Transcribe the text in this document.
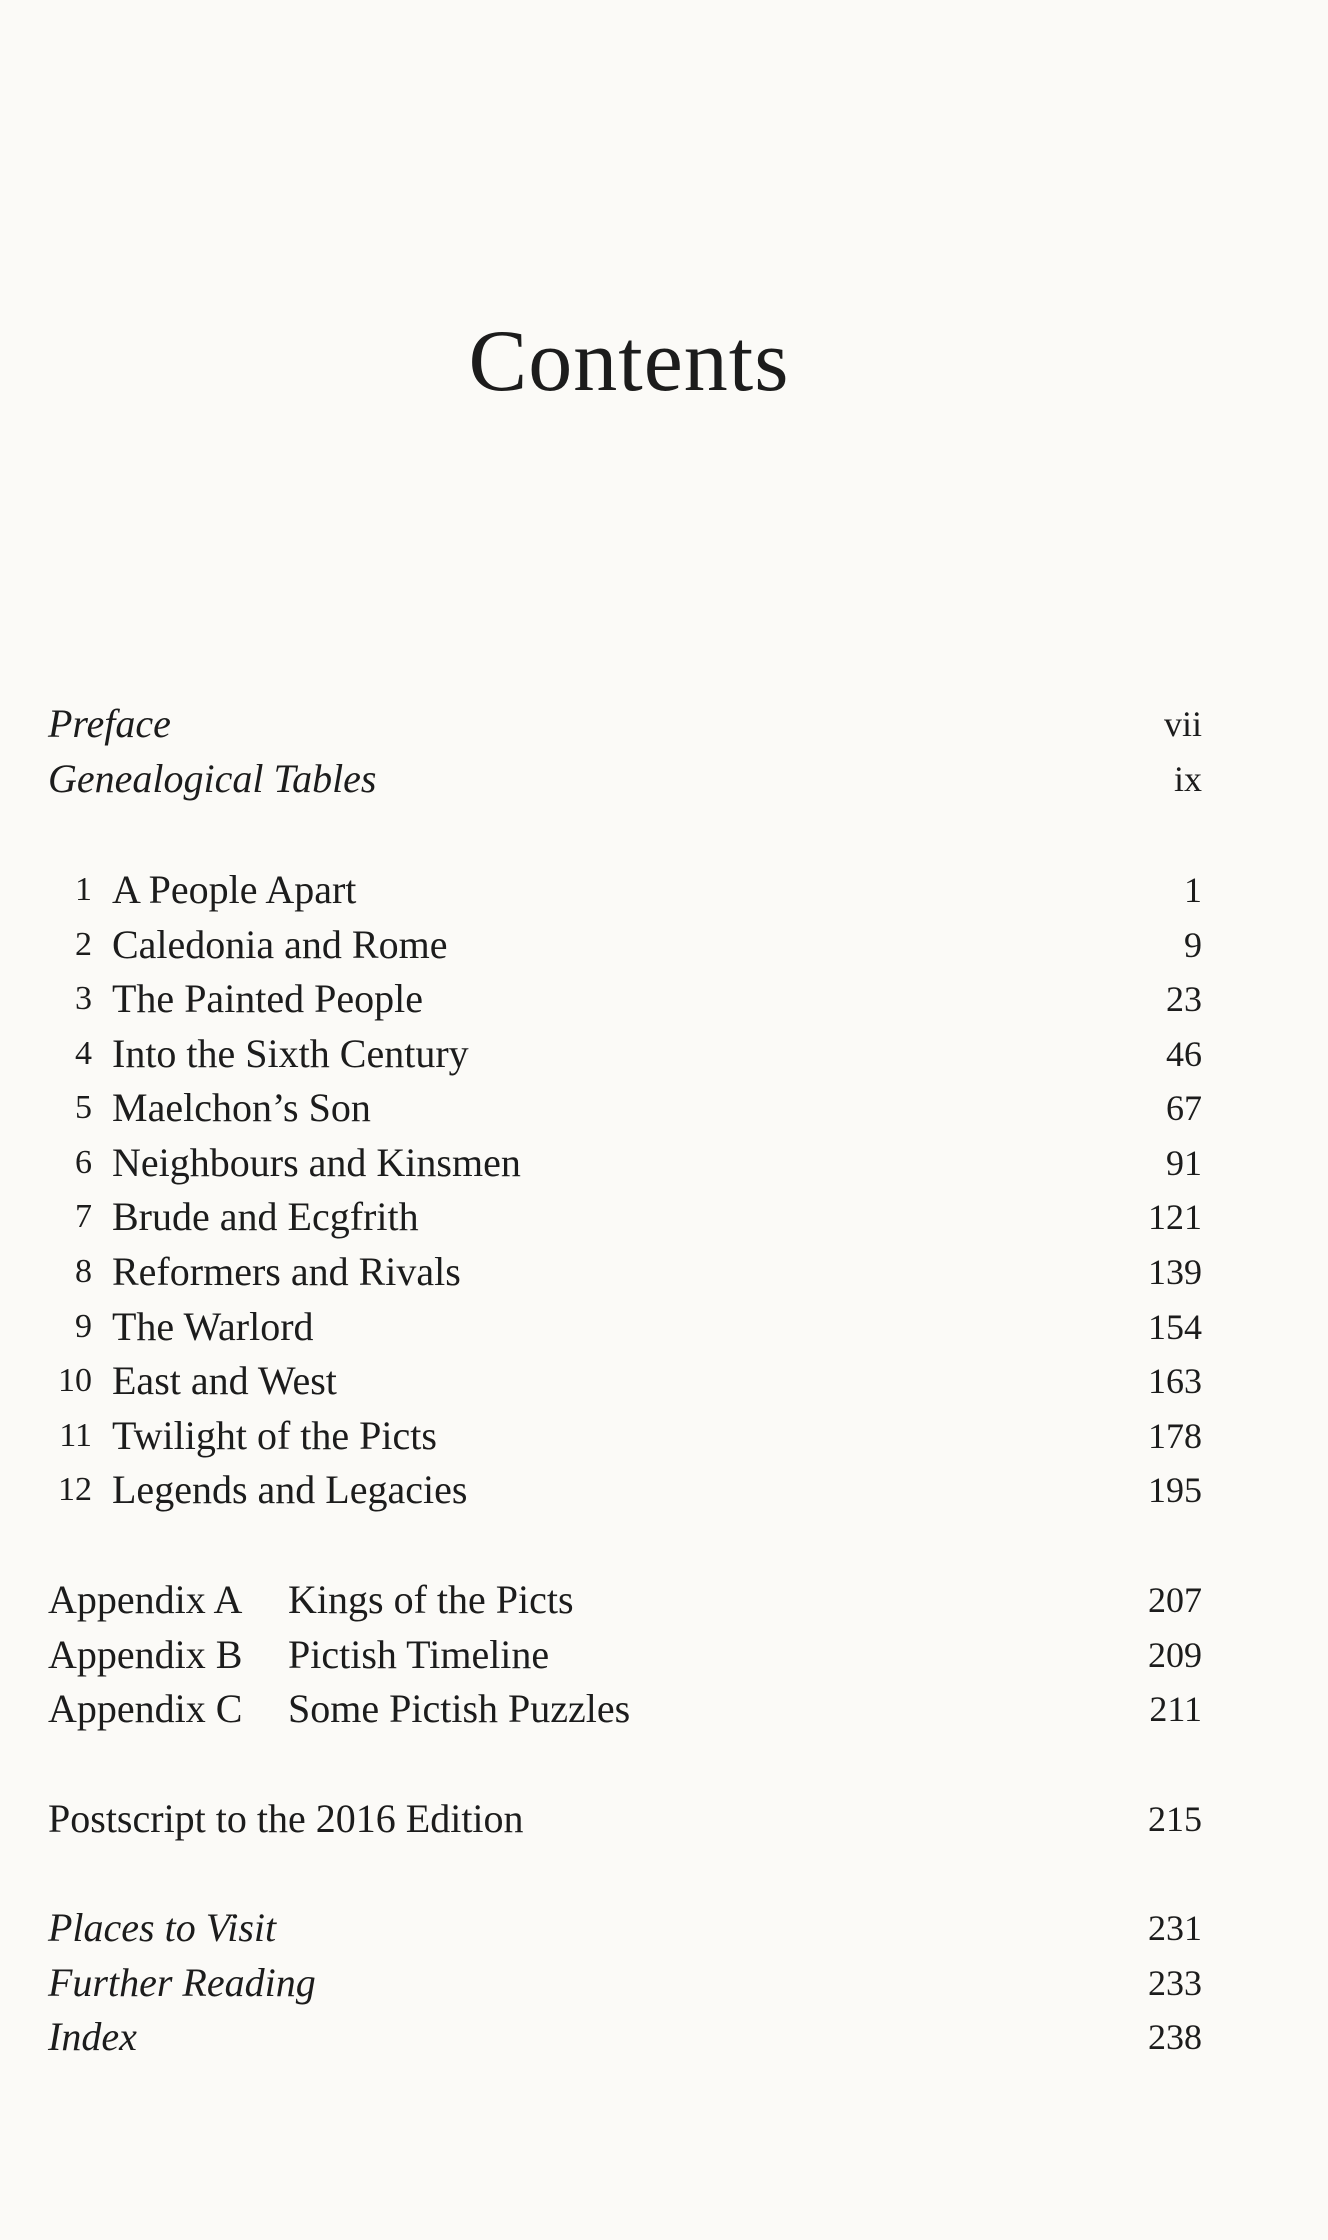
Contents
Preface	vii
Genealogical Tables	ix
1 A People Apart	1
2 Caledonia and Rome	9
3 The Painted People	23
4 Into the Sixth Century	46
5 Maelchon’s Son	67
6 Neighbours and Kinsmen	91
7 Brude and Ecgfrith	121
8 Reformers and Rivals	139
9 The Warlord	154
10 East and West	163
11 Twilight of the Picts	178
12 Legends and Legacies	195
Appendix A Kings of the Picts	207
Appendix B Pictish Timeline	209
Appendix C Some Pictish Puzzles	211
Postscript to the 2016 Edition	215
Places to Visit	231
Further Reading	233
Index	238
